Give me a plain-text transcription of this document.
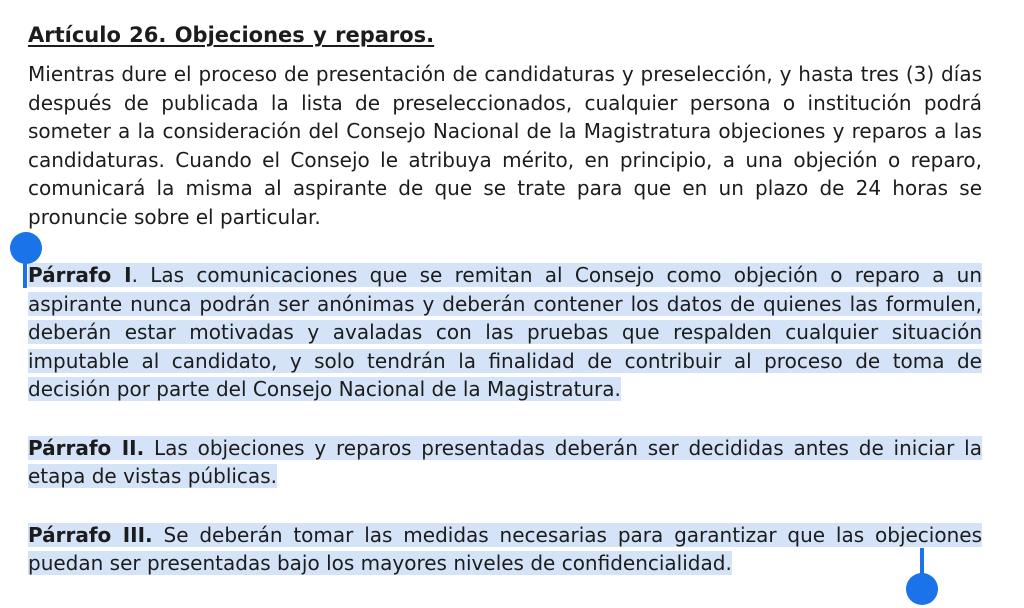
Artículo 26. Objeciones y reparos.

Mientras dure el proceso de presentación de candidaturas y preselección, y hasta tres (3) días después de publicada la lista de preseleccionados, cualquier persona o institución podrá someter a la consideración del Consejo Nacional de la Magistratura objeciones y reparos a las candidaturas. Cuando el Consejo le atribuya mérito, en principio, a una objeción o reparo, comunicará la misma al aspirante de que se trate para que en un plazo de 24 horas se pronuncie sobre el particular.

Párrafo I. Las comunicaciones que se remitan al Consejo como objeción o reparo a un aspirante nunca podrán ser anónimas y deberán contener los datos de quienes las formulen, deberán estar motivadas y avaladas con las pruebas que respalden cualquier situación imputable al candidato, y solo tendrán la finalidad de contribuir al proceso de toma de decisión por parte del Consejo Nacional de la Magistratura.

Párrafo II. Las objeciones y reparos presentadas deberán ser decididas antes de iniciar la etapa de vistas públicas.

Párrafo III. Se deberán tomar las medidas necesarias para garantizar que las objeciones puedan ser presentadas bajo los mayores niveles de confidencialidad.
